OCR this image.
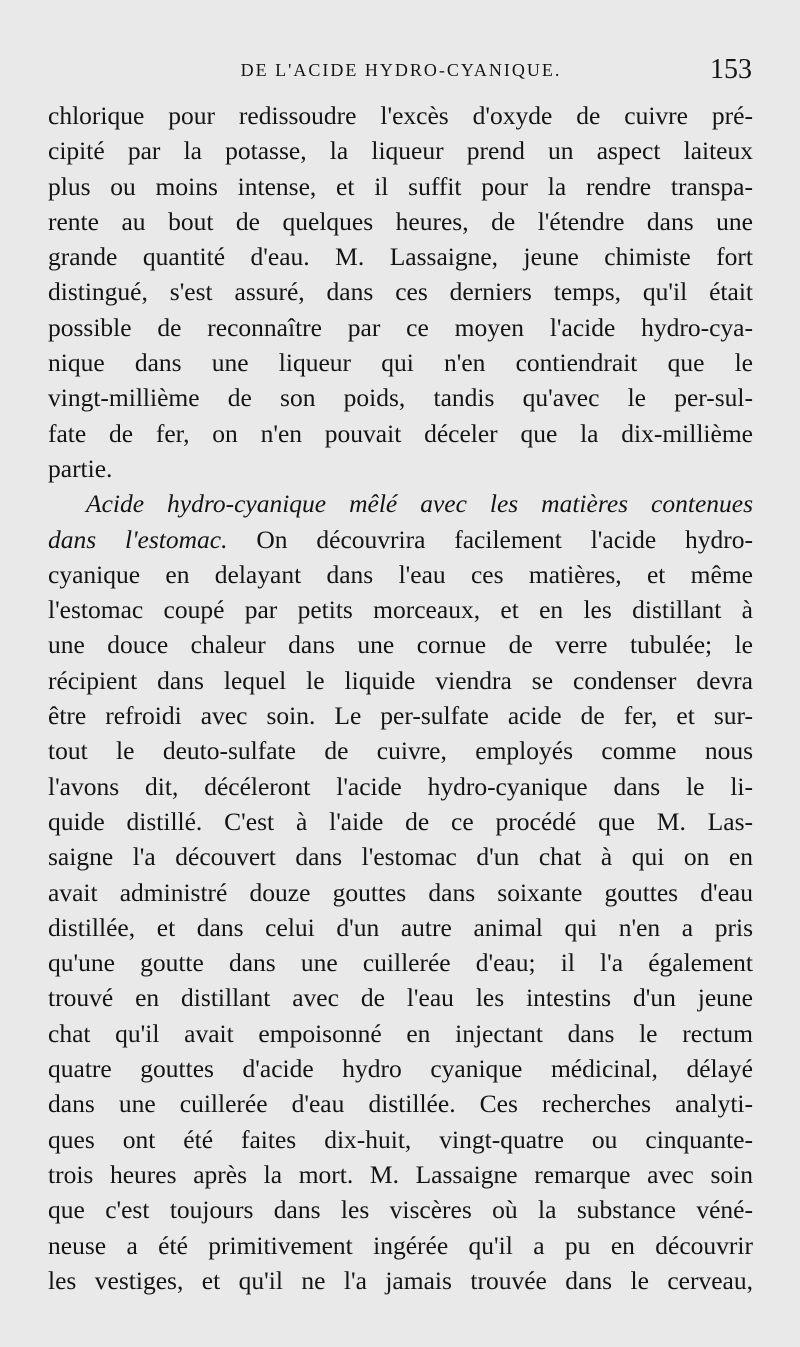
DE L'ACIDE HYDRO-CYANIQUE.	153
chlorique pour redissoudre l'excès d'oxyde de cuivre pré-
cipité par la potasse, la liqueur prend un aspect laiteux
plus ou moins intense, et il suffit pour la rendre transpa-
rente au bout de quelques heures, de l'étendre dans une
grande quantité d'eau. M. Lassaigne, jeune chimiste fort
distingué, s'est assuré, dans ces derniers temps, qu'il était
possible de reconnaître par ce moyen l'acide hydro-cya-
nique dans une liqueur qui n'en contiendrait que le
vingt-millième de son poids, tandis qu'avec le per-sul-
fate de fer, on n'en pouvait déceler que la dix-millième
partie.
Acide hydro-cyanique mêlé avec les matières contenues
dans l'estomac. On découvrira facilement l'acide hydro-
cyanique en delayant dans l'eau ces matières, et même
l'estomac coupé par petits morceaux, et en les distillant à
une douce chaleur dans une cornue de verre tubulée; le
récipient dans lequel le liquide viendra se condenser devra
être refroidi avec soin. Le per-sulfate acide de fer, et sur-
tout le deuto-sulfate de cuivre, employés comme nous
l'avons dit, décéleront l'acide hydro-cyanique dans le li-
quide distillé. C'est à l'aide de ce procédé que M. Las-
saigne l'a découvert dans l'estomac d'un chat à qui on en
avait administré douze gouttes dans soixante gouttes d'eau
distillée, et dans celui d'un autre animal qui n'en a pris
qu'une goutte dans une cuillerée d'eau; il l'a également
trouvé en distillant avec de l'eau les intestins d'un jeune
chat qu'il avait empoisonné en injectant dans le rectum
quatre gouttes d'acide hydro cyanique médicinal, délayé
dans une cuillerée d'eau distillée. Ces recherches analyti-
ques ont été faites dix-huit, vingt-quatre ou cinquante-
trois heures après la mort. M. Lassaigne remarque avec soin
que c'est toujours dans les viscères où la substance véné-
neuse a été primitivement ingérée qu'il a pu en découvrir
les vestiges, et qu'il ne l'a jamais trouvée dans le cerveau,
